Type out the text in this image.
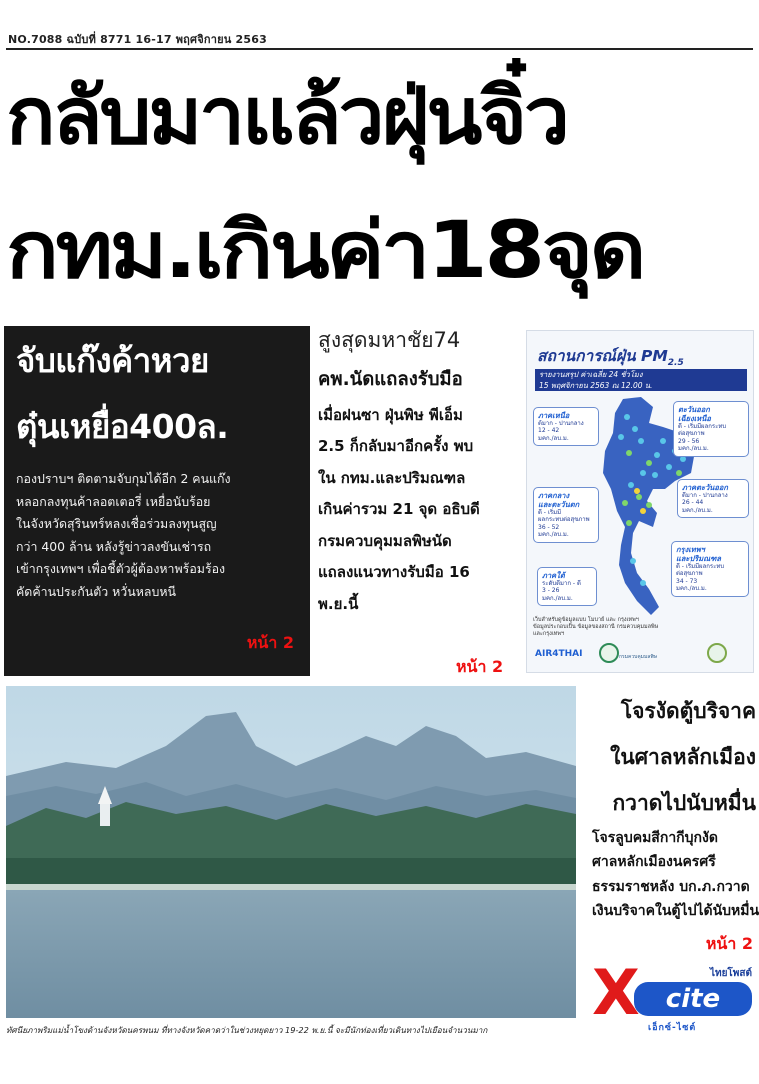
NO.7088 ฉบับที่ 8771 16-17 พฤศจิกายน 2563
กลับมาแล้วฝุ่นจิ๋ว
กทม.เกินค่า18จุด
จับแก๊งค้าหวย
ตุ๋นเหยื่อ400ล.
กองปราบฯ ติดตามจับกุมได้อีก 2 คนแก๊ง
หลอกลงทุนค้าลอตเตอรี่ เหยื่อนับร้อย
ในจังหวัดสุรินทร์หลงเชื่อร่วมลงทุนสูญ
กว่า 400 ล้าน หลังรู้ข่าวลงขันเช่ารถ
เข้ากรุงเทพฯ เพื่อชี้ตัวผู้ต้องหาพร้อมร้อง
คัดค้านประกันตัว หวั่นหลบหนี
หน้า 2
สูงสุดมหาชัย74
คพ.นัดแถลงรับมือ
เมื่อฝนซา ฝุ่นพิษ พีเอ็ม
2.5 ก็กลับมาอีกครั้ง พบ
ใน กทม.และปริมณฑล
เกินค่ารวม 21 จุด อธิบดี
กรมควบคุมมลพิษนัด
แถลงแนวทางรับมือ 16
พ.ย.นี้
หน้า 2
สถานการณ์ฝุ่น $PM_{2.5}$
รายงานสรุป ค่าเฉลี่ย 24 ชั่วโมง
15 พฤศจิกายน 2563 ณ 12.00 น.
ภาคเหนือ
ต้มาก - ปานกลาง
12 - 42
มคก./ลบ.ม.
ตะวันออก
เฉียงเหนือ
ดี - เริ่มมีผลกระทบ
ต่อสุขภาพ
29 - 56
มคก./ลบ.ม.
ภาคตะวันออก
ดีมาก - ปานกลาง
26 - 44
มคก./ลบ.ม.
ภาคกลาง
และตะวันตก
ดี - เริ่มมี
ผลกระทบต่อสุขภาพ
36 - 52
มคก./ลบ.ม.
กรุงเทพฯ
และปริมณฑล
ดี - เริ่มมีผลกระทบ
ต่อสุขภาพ
34 - 73
มคก./ลบ.ม.
ภาคใต้
ระดับดีมาก - ดี
3 - 26
มคก./ลบ.ม.
เว็บสำหรับดูข้อมูลแบบ โมบาย์ และ กรุงเทพฯ
ข้อมูลประกอบเป็น ข้อมูลของสถานี กรมควบคุมมลพิษ
และกรุงเทพฯ
AIR4THAI	กรมควบคุมมลพิษ
ทัศนียภาพริมแม่น้ำโขงด้านจังหวัดนครพนม ที่ทางจังหวัดคาดว่าในช่วงหยุดยาว 19-22 พ.ย.นี้ จะมีนักท่องเที่ยวเดินทางไปเยือนจำนวนมาก
โจรงัดตู้บริจาค
ในศาลหลักเมือง
กวาดไปนับหมื่น
โจรลูบคมสีกากีบุกงัด
ศาลหลักเมืองนครศรี
ธรรมราชหลัง บก.ภ.กวาด
เงินบริจาคในตู้ไปได้นับหมื่น
หน้า 2
ไทยโพสต์
cite
X เอ็กซ์-ไซต์
